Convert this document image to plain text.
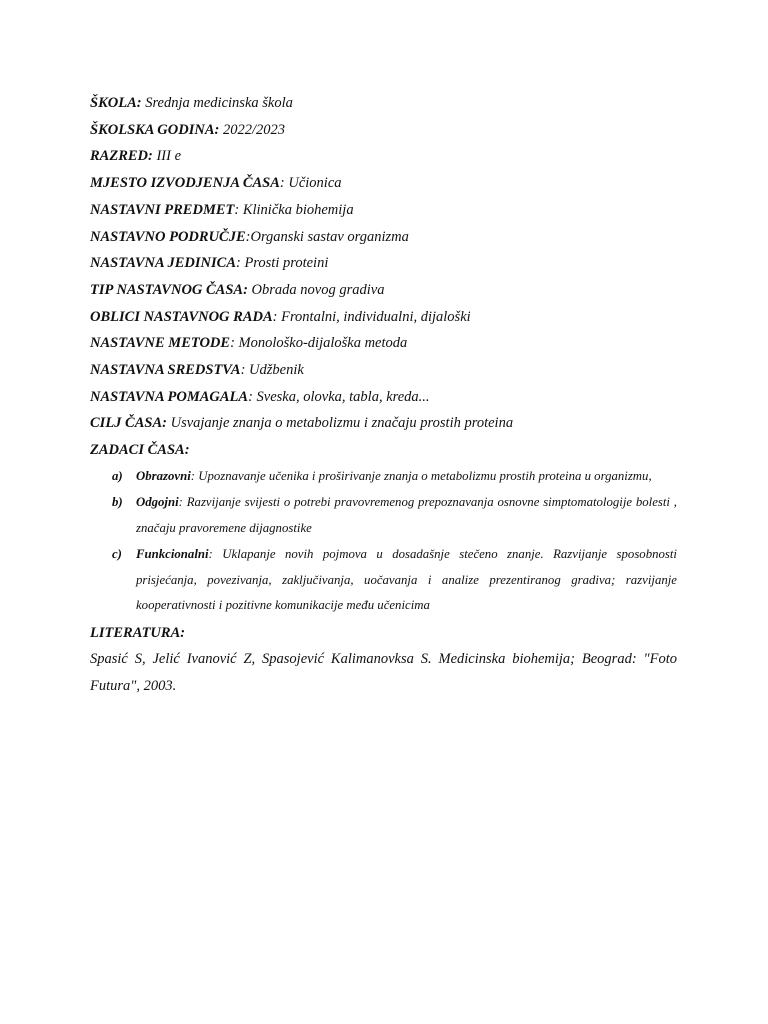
ŠKOLA: Srednja medicinska škola
ŠKOLSKA GODINA: 2022/2023
RAZRED: III e
MJESTO IZVODJENJA ČASA: Učionica
NASTAVNI PREDMET: Klinička biohemija
NASTAVNO PODRUČJE:Organski sastav organizma
NASTAVNA JEDINICA: Prosti proteini
TIP NASTAVNOG ČASA: Obrada novog gradiva
OBLICI NASTAVNOG RADA: Frontalni, individualni, dijaloški
NASTAVNE METODE: Monološko-dijaloška metoda
NASTAVNA SREDSTVA: Udžbenik
NASTAVNA POMAGALA: Sveska, olovka, tabla, kreda...
CILJ ČASA: Usvajanje znanja o metabolizmu i značaju prostih proteina
ZADACI ČASA:
a) Obrazovni: Upoznavanje učenika i proširivanje znanja o metabolizmu prostih proteina u organizmu,
b) Odgojni: Razvijanje svijesti o potrebi pravovremenog prepoznavanja osnovne simptomatologije bolesti , značaju pravoremene dijagnostike
c) Funkcionalni: Uklapanje novih pojmova u dosadašnje stečeno znanje. Razvijanje sposobnosti prisjećanja, povezivanja, zaključivanja, uočavanja i analize prezentiranog gradiva; razvijanje kooperativnosti i pozitivne komunikacije među učenicima
LITERATURA:
Spasić S, Jelić Ivanović Z, Spasojević Kalimanovksa S. Medicinska biohemija; Beograd: "Foto Futura", 2003.
